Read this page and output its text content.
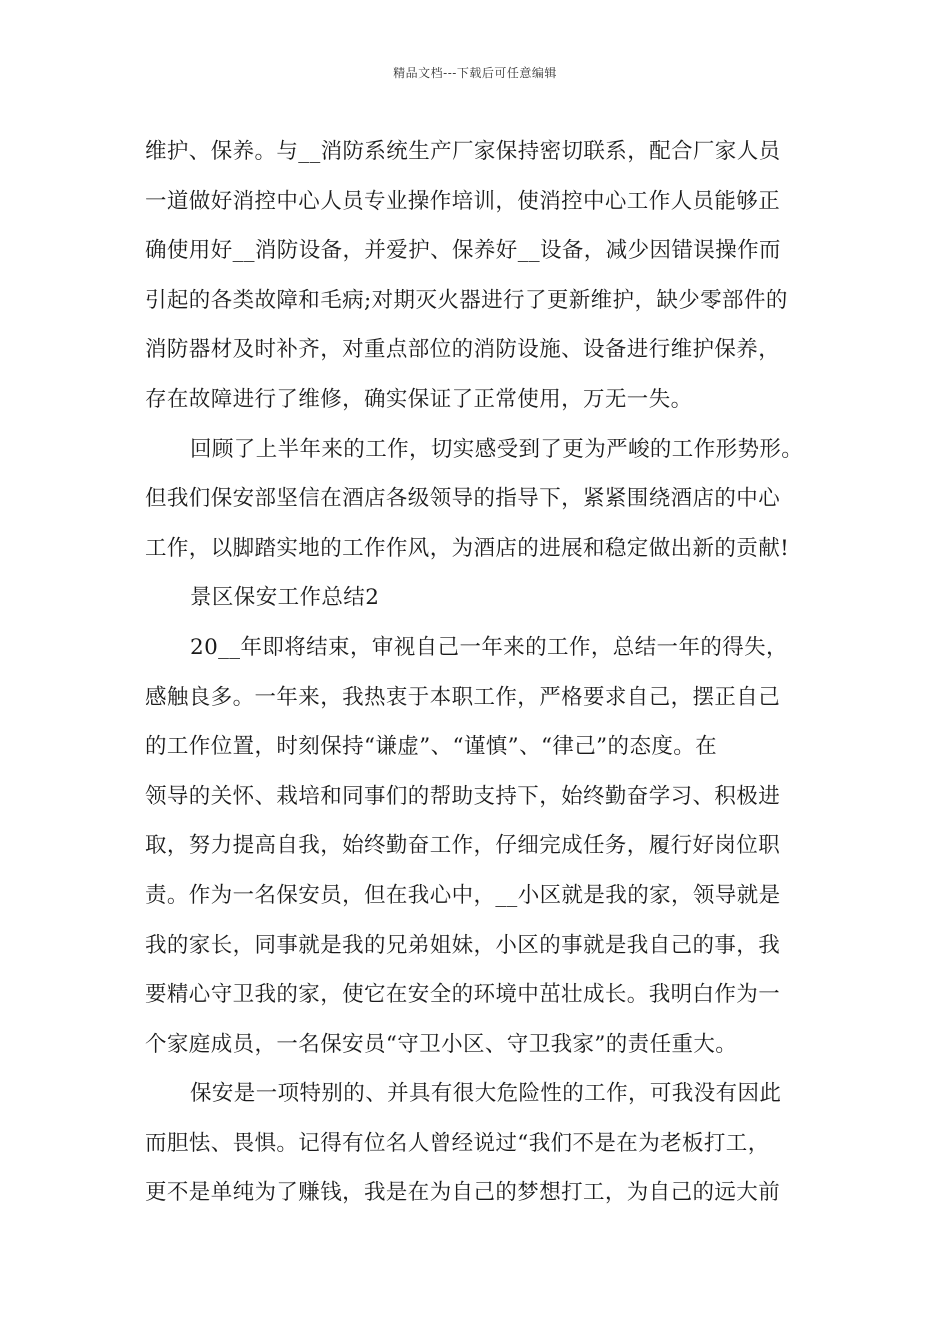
精品文档---下载后可任意编辑
维护、保养。与__消防系统生产厂家保持密切联系，配合厂家人员
一道做好消控中心人员专业操作培训，使消控中心工作人员能够正
确使用好__消防设备，并爱护、保养好__设备，减少因错误操作而
引起的各类故障和毛病;对期灭火器进行了更新维护，缺少零部件的
消防器材及时补齐，对重点部位的消防设施、设备进行维护保养，
存在故障进行了维修，确实保证了正常使用，万无一失。
回顾了上半年来的工作，切实感受到了更为严峻的工作形势形。
但我们保安部坚信在酒店各级领导的指导下，紧紧围绕酒店的中心
工作，以脚踏实地的工作作风，为酒店的进展和稳定做出新的贡献!
景区保安工作总结2
20__年即将结束，审视自己一年来的工作，总结一年的得失，
感触良多。一年来，我热衷于本职工作，严格要求自己，摆正自己
的工作位置，时刻保持“谦虚”、“谨慎”、“律己”的态度。在
领导的关怀、栽培和同事们的帮助支持下，始终勤奋学习、积极进
取，努力提高自我，始终勤奋工作，仔细完成任务，履行好岗位职
责。作为一名保安员，但在我心中，__小区就是我的家，领导就是
我的家长，同事就是我的兄弟姐妹，小区的事就是我自己的事，我
要精心守卫我的家，使它在安全的环境中茁壮成长。我明白作为一
个家庭成员，一名保安员“守卫小区、守卫我家”的责任重大。
保安是一项特别的、并具有很大危险性的工作，可我没有因此
而胆怯、畏惧。记得有位名人曾经说过“我们不是在为老板打工，
更不是单纯为了赚钱，我是在为自己的梦想打工，为自己的远大前
